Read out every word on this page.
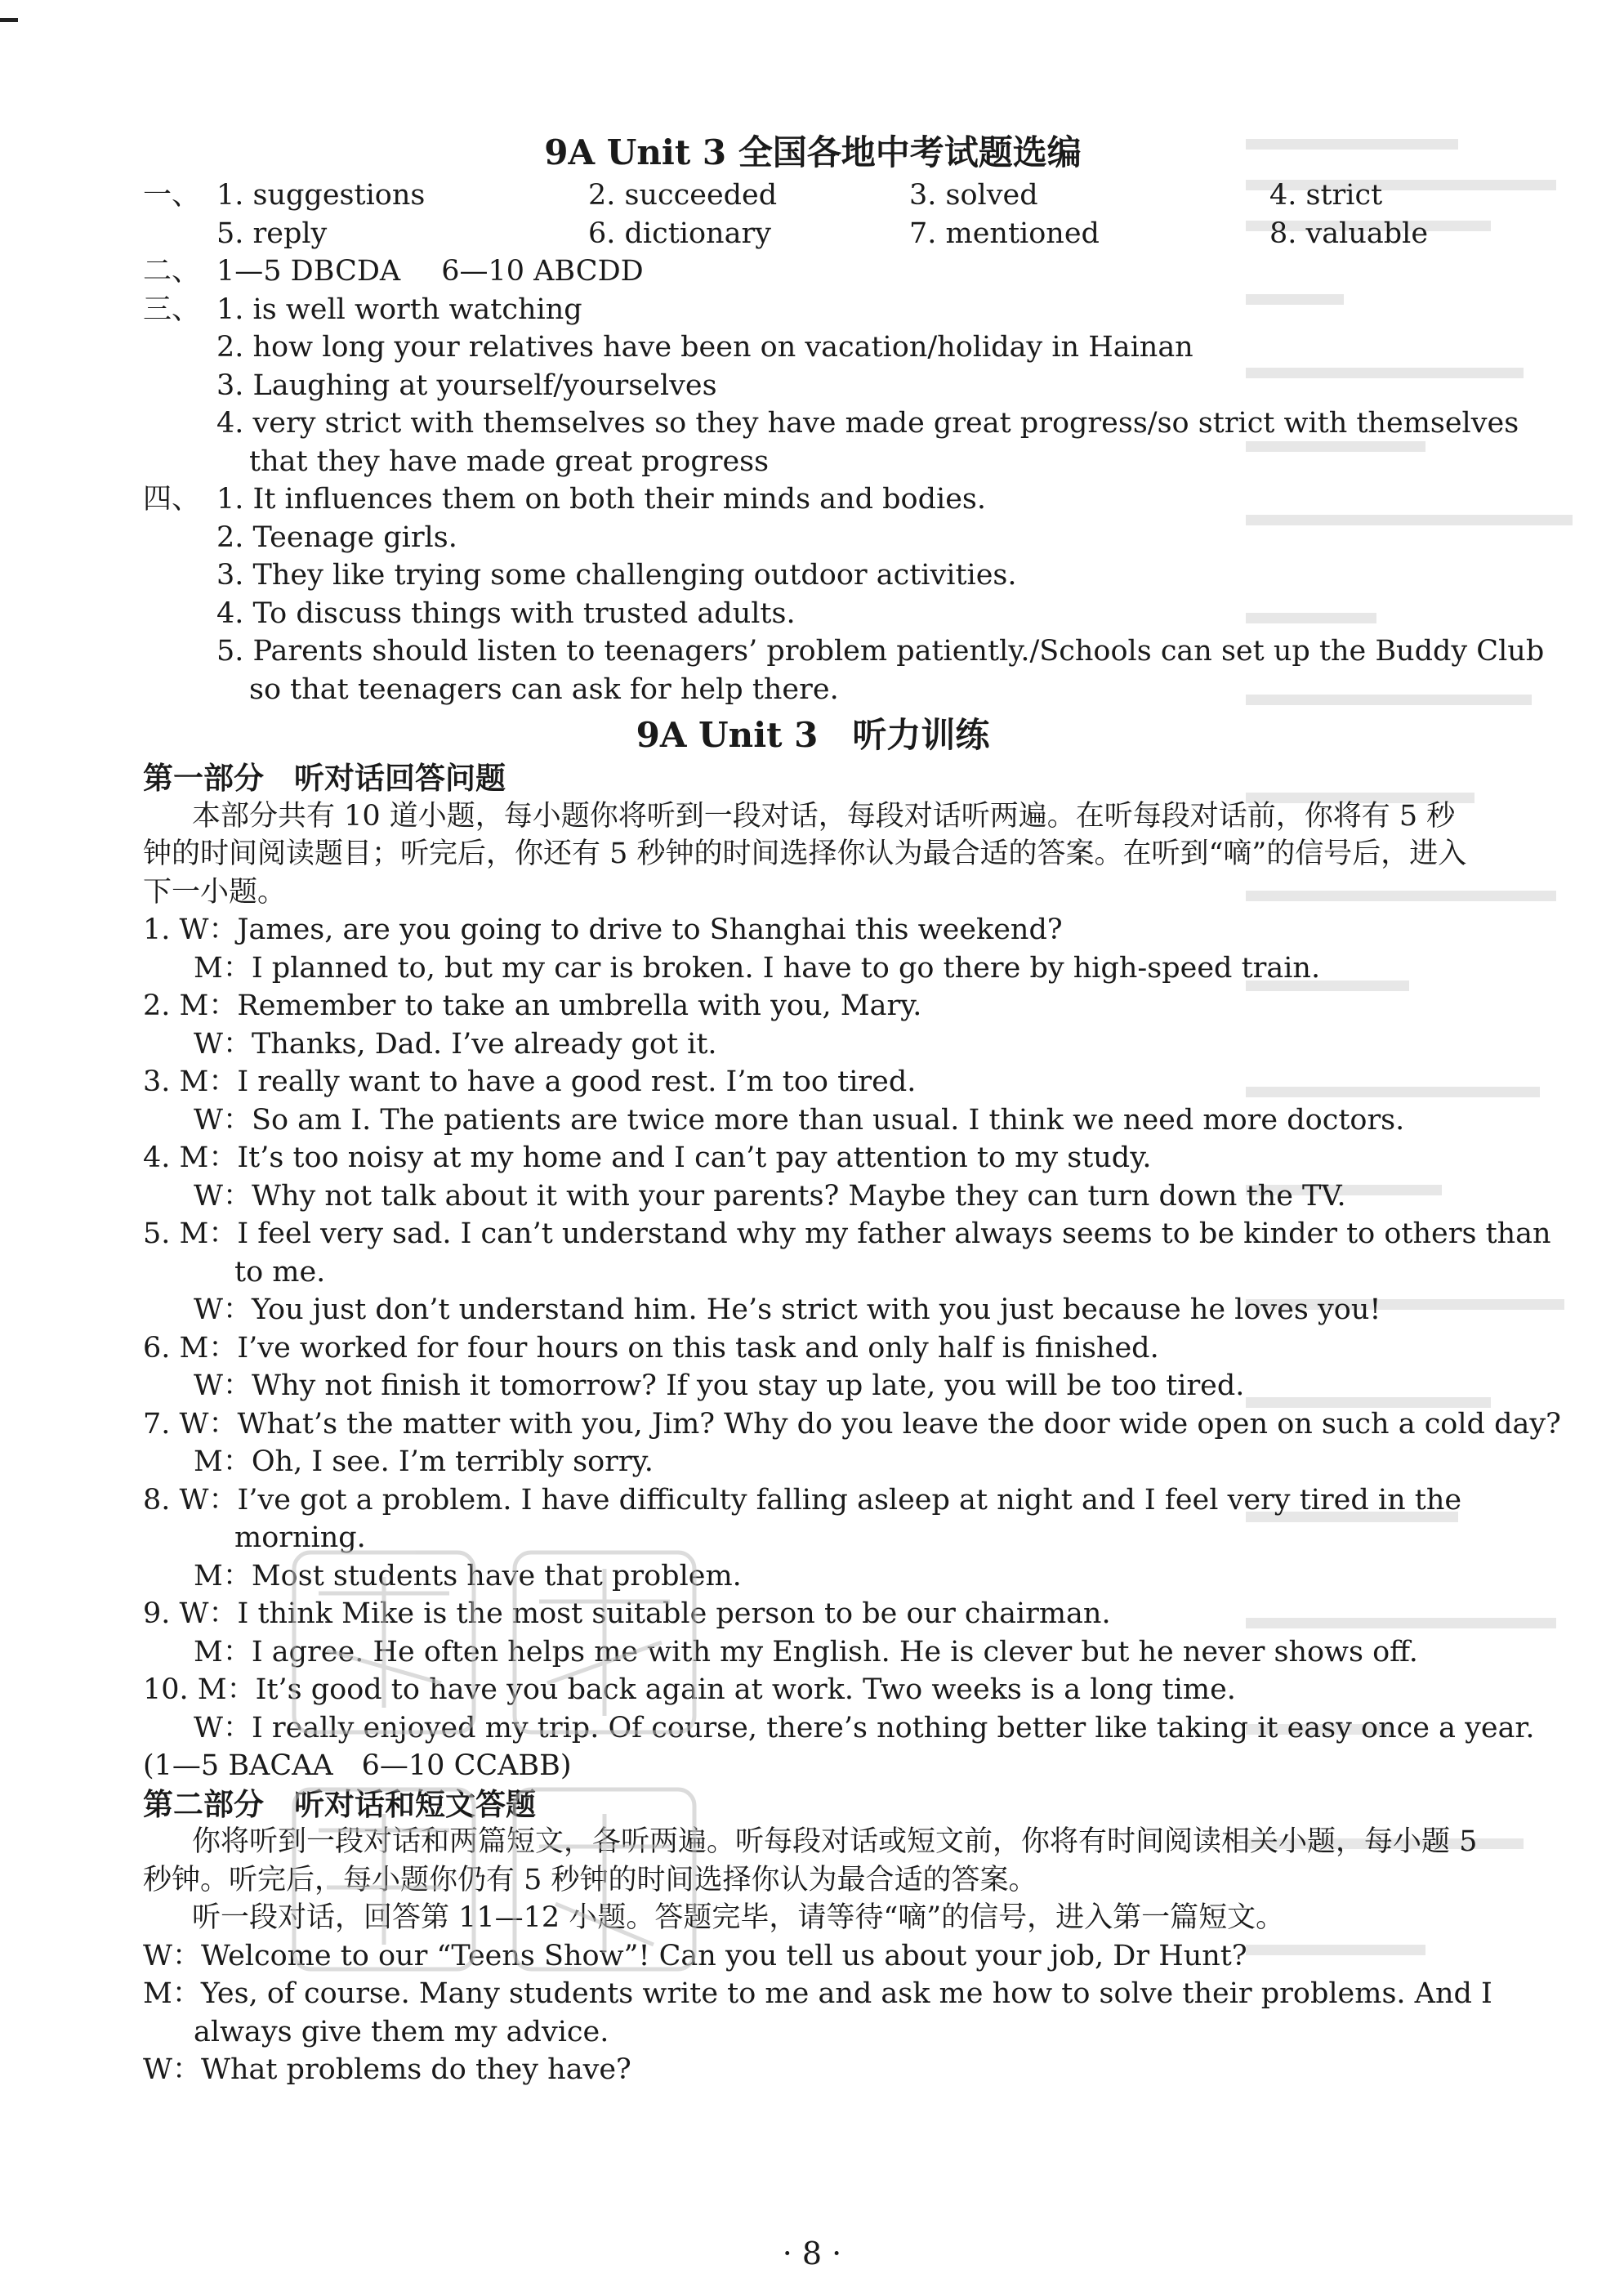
9A Unit 3 全国各地中考试题选编
一、 1. suggestions	2. succeeded	3. solved	4. strict
5. reply	6. dictionary	7. mentioned	8. valuable
二、 1—5 DBCDA 6—10 ABCDD
三、 1. is well worth watching
2. how long your relatives have been on vacation/holiday in Hainan
3. Laughing at yourself/yourselves
4. very strict with themselves so they have made great progress/so strict with themselves
that they have made great progress
四、 1. It influences them on both their minds and bodies.
2. Teenage girls.
3. They like trying some challenging outdoor activities.
4. To discuss things with trusted adults.
5. Parents should listen to teenagers’ problem patiently./Schools can set up the Buddy Club
so that teenagers can ask for help there.
9A Unit 3　听力训练
第一部分　听对话回答问题
本部分共有 10 道小题，每小题你将听到一段对话，每段对话听两遍。在听每段对话前，你将有 5 秒钟的时间阅读题目；听完后，你还有 5 秒钟的时间选择你认为最合适的答案。在听到“嘀”的信号后，进入下一小题。
1. W：James, are you going to drive to Shanghai this weekend?
M：I planned to, but my car is broken. I have to go there by high-speed train.
2. M：Remember to take an umbrella with you, Mary.
W：Thanks, Dad. I’ve already got it.
3. M：I really want to have a good rest. I’m too tired.
W：So am I. The patients are twice more than usual. I think we need more doctors.
4. M：It’s too noisy at my home and I can’t pay attention to my study.
W：Why not talk about it with your parents? Maybe they can turn down the TV.
5. M：I feel very sad. I can’t understand why my father always seems to be kinder to others than
to me.
W：You just don’t understand him. He’s strict with you just because he loves you!
6. M：I’ve worked for four hours on this task and only half is finished.
W：Why not finish it tomorrow? If you stay up late, you will be too tired.
7. W：What’s the matter with you, Jim? Why do you leave the door wide open on such a cold day?
M：Oh, I see. I’m terribly sorry.
8. W：I’ve got a problem. I have difficulty falling asleep at night and I feel very tired in the
morning.
M：Most students have that problem.
9. W：I think Mike is the most suitable person to be our chairman.
M：I agree. He often helps me with my English. He is clever but he never shows off.
10. M：It’s good to have you back again at work. Two weeks is a long time.
W：I really enjoyed my trip. Of course, there’s nothing better like taking it easy once a year.
(1—5 BACAA　6—10 CCABB)
第二部分　听对话和短文答题
你将听到一段对话和两篇短文，各听两遍。听每段对话或短文前，你将有时间阅读相关小题，每小题 5 秒钟。听完后，每小题你仍有 5 秒钟的时间选择你认为最合适的答案。
听一段对话，回答第 11—12 小题。答题完毕，请等待“嘀”的信号，进入第一篇短文。
W：Welcome to our “Teens Show”! Can you tell us about your job, Dr Hunt?
M：Yes, of course. Many students write to me and ask me how to solve their problems. And I
always give them my advice.
W：What problems do they have?
· 8 ·
